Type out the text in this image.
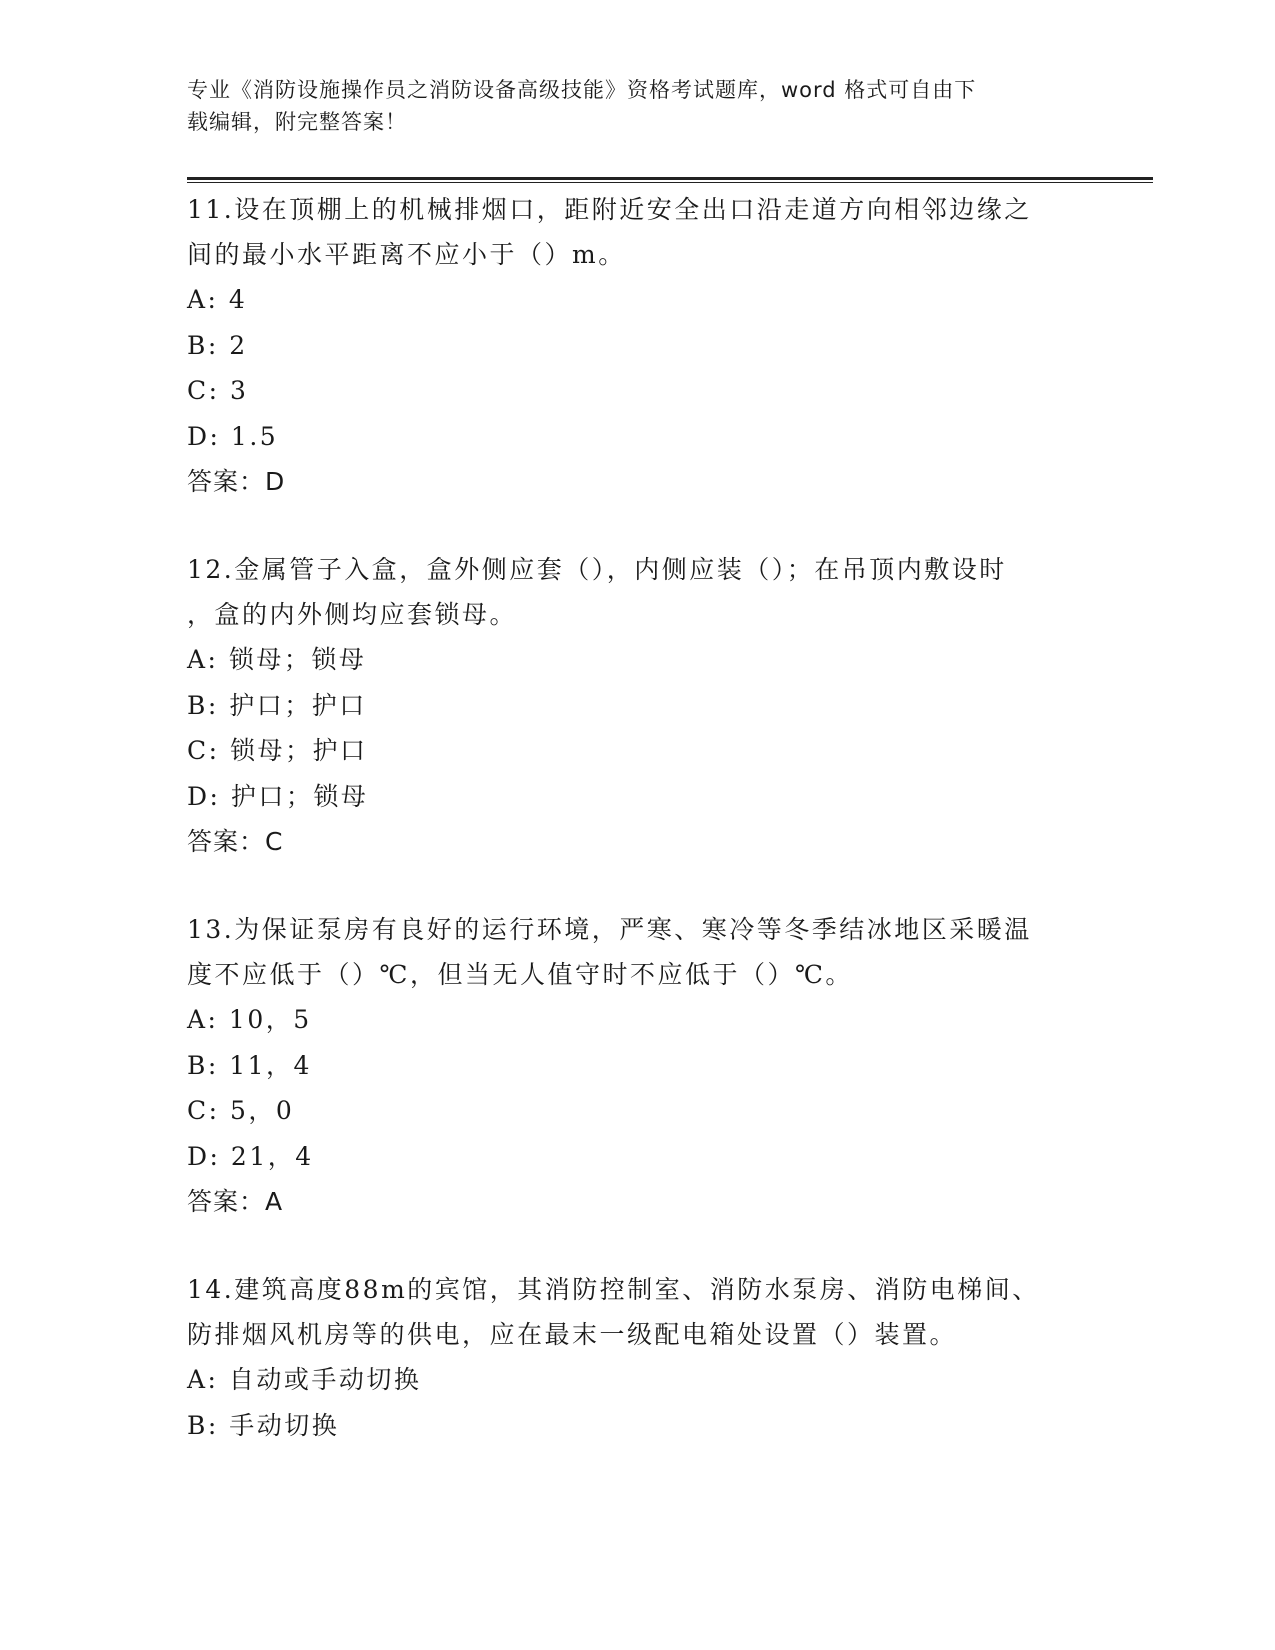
专业《消防设施操作员之消防设备高级技能》资格考试题库，word 格式可自由下
载编辑，附完整答案！

11.设在顶棚上的机械排烟口，距附近安全出口沿走道方向相邻边缘之

间的最小水平距离不应小于（）m。

A: 4

B: 2

C: 3

D: 1.5

答案：D

12.金属管子入盒，盒外侧应套（），内侧应装（）；在吊顶内敷设时

，盒的内外侧均应套锁母。

A: 锁母；锁母

B: 护口；护口

C: 锁母；护口

D: 护口；锁母

答案：C

13.为保证泵房有良好的运行环境，严寒、寒冷等冬季结冰地区采暖温

度不应低于（）℃，但当无人值守时不应低于（）℃。

A: 10，5

B: 11，4

C: 5，0

D: 21，4

答案：A

14.建筑高度88m的宾馆，其消防控制室、消防水泵房、消防电梯间、

防排烟风机房等的供电，应在最末一级配电箱处设置（）装置。

A: 自动或手动切换

B: 手动切换
